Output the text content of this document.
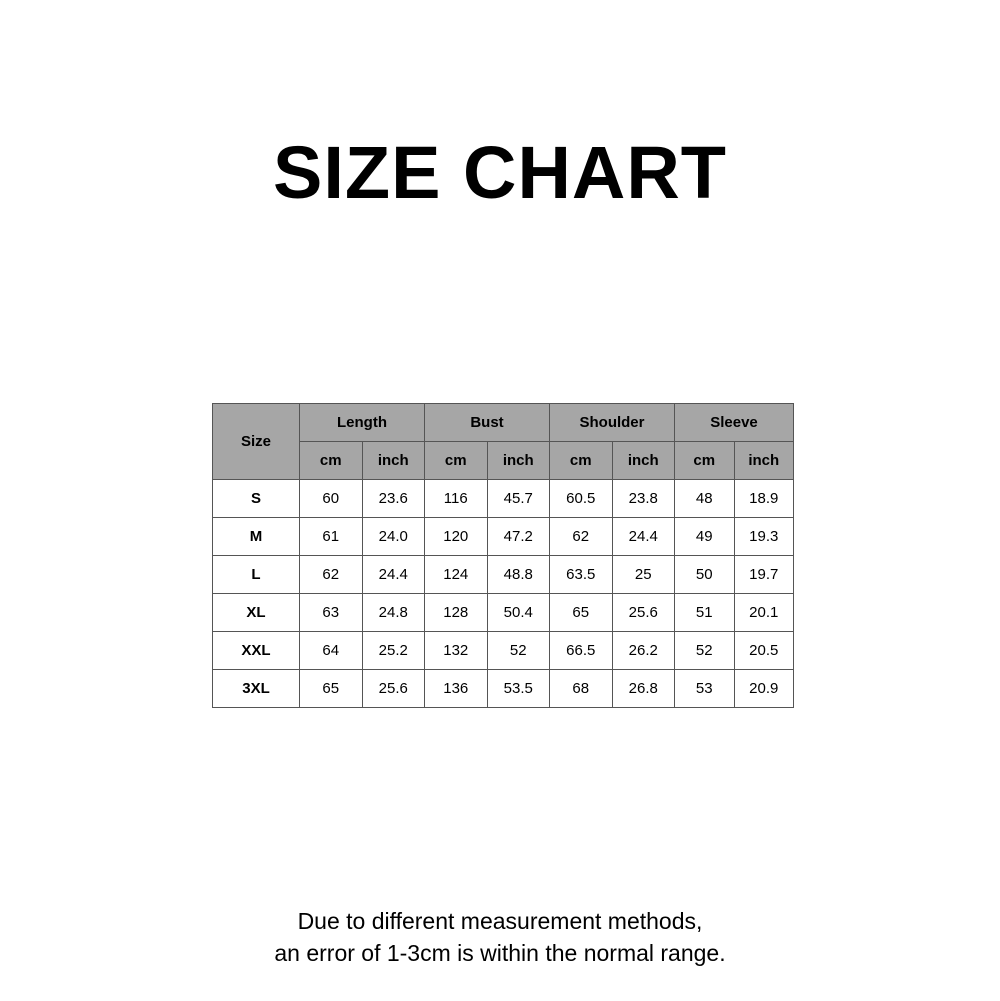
SIZE CHART
Size	Length		Bust		Shoulder		Sleeve	
	cm	inch	cm	inch	cm	inch	cm	inch
S	60	23.6	116	45.7	60.5	23.8	48	18.9
M	61	24.0	120	47.2	62	24.4	49	19.3
L	62	24.4	124	48.8	63.5	25	50	19.7
XL	63	24.8	128	50.4	65	25.6	51	20.1
XXL	64	25.2	132	52	66.5	26.2	52	20.5
3XL	65	25.6	136	53.5	68	26.8	53	20.9
Due to different measurement methods,
an error of 1-3cm is within the normal range.
